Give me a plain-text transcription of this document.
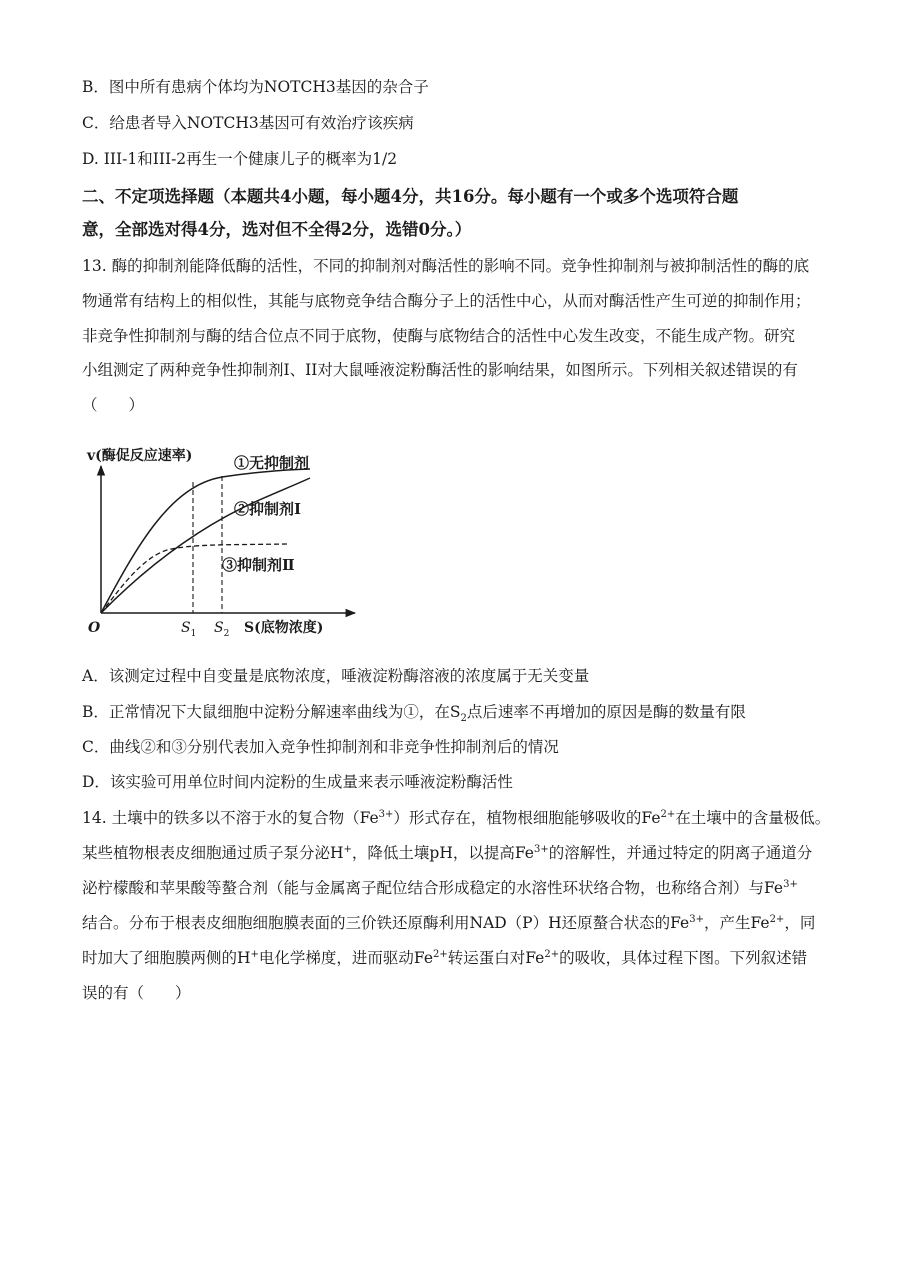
B．图中所有患病个体均为NOTCH3基因的杂合子
C．给患者导入NOTCH3基因可有效治疗该疾病
D. III-1和III-2再生一个健康儿子的概率为1/2
二、不定项选择题（本题共4小题，每小题4分，共16分。每小题有一个或多个选项符合题
意，全部选对得4分，选对但不全得2分，选错0分。）
13. 酶的抑制剂能降低酶的活性，不同的抑制剂对酶活性的影响不同。竞争性抑制剂与被抑制活性的酶的底
物通常有结构上的相似性，其能与底物竞争结合酶分子上的活性中心，从而对酶活性产生可逆的抑制作用；
非竞争性抑制剂与酶的结合位点不同于底物，使酶与底物结合的活性中心发生改变，不能生成产物。研究
小组测定了两种竞争性抑制剂I、II对大鼠唾液淀粉酶活性的影响结果，如图所示。下列相关叙述错误的有
（　　）
v(酶促反应速率)
S(底物浓度)
O	$S_1$ $S_2$
①无抑制剂
②抑制剂Ⅰ
③抑制剂Ⅱ
A．该测定过程中自变量是底物浓度，唾液淀粉酶溶液的浓度属于无关变量
B．正常情况下大鼠细胞中淀粉分解速率曲线为①，在$S_2$点后速率不再增加的原因是酶的数量有限
C．曲线②和③分别代表加入竞争性抑制剂和非竞争性抑制剂后的情况
D．该实验可用单位时间内淀粉的生成量来表示唾液淀粉酶活性
14. 土壤中的铁多以不溶于水的复合物$(Fe^{3+})$形式存在，植物根细胞能够吸收的$Fe^{2+}$在土壤中的含量极低。
某些植物根表皮细胞通过质子泵分泌H+，降低土壤pH，以提高$Fe^{3+}$的溶解性，并通过特定的阴离子通道分
泌柠檬酸和苹果酸等螯合剂（能与金属离子配位结合形成稳定的水溶性环状络合物，也称络合剂）与$Fe^{3+}$
结合。分布于根表皮细胞细胞膜表面的三价铁还原酶利用NAD（P）H还原螯合状态的$Fe^{3+}$，产生$Fe^{2+}$，同
时加大了细胞膜两侧的H+电化学梯度，进而驱动$Fe^{2+}$转运蛋白对$Fe^{2+}$的吸收，具体过程下图。下列叙述错
误的有（　　）
